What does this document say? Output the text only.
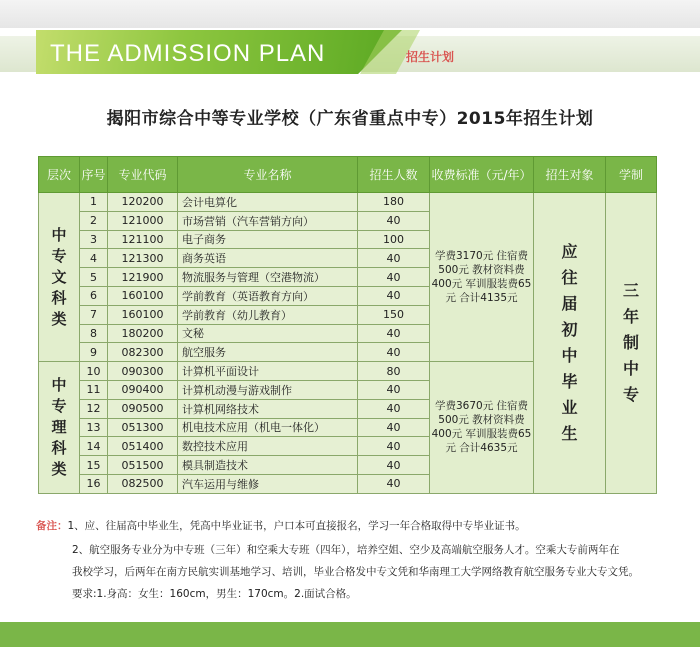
THE ADMISSION PLAN	招生计划
揭阳市综合中等专业学校（广东省重点中专）2015年招生计划
层次	序号	专业代码	专业名称	招生人数	收费标准（元/年）	招生对象	学制
中专文科类	1	120200	会计电算化	180	学费3170元 住宿费500元 教材资料费400元 军训服装费65元 合计4135元	应往届初中毕业生	三年制中专
	2	121000	市场营销（汽车营销方向）	40			
	3	121100	电子商务	100			
	4	121300	商务英语	40			
	5	121900	物流服务与管理（空港物流）	40			
	6	160100	学前教育（英语教育方向）	40			
	7	160100	学前教育（幼儿教育）	150			
	8	180200	文秘	40			
	9	082300	航空服务	40			
中专理科类	10	090300	计算机平面设计	80	学费3670元 住宿费500元 教材资料费400元 军训服装费65元 合计4635元		
	11	090400	计算机动漫与游戏制作	40			
	12	090500	计算机网络技术	40			
	13	051300	机电技术应用（机电一体化）	40			
	14	051400	数控技术应用	40			
	15	051500	模具制造技术	40			
	16	082500	汽车运用与维修	40			
备注：1、应、往届高中毕业生，凭高中毕业证书，户口本可直接报名，学习一年合格取得中专毕业证书。
2、航空服务专业分为中专班（三年）和空乘大专班（四年），培养空姐、空少及高端航空服务人才。空乘大专前两年在
我校学习，后两年在南方民航实训基地学习、培训，毕业合格发中专文凭和华南理工大学网络教育航空服务专业大专文凭。
要求:1.身高：女生：160cm，男生：170cm。2.面试合格。
